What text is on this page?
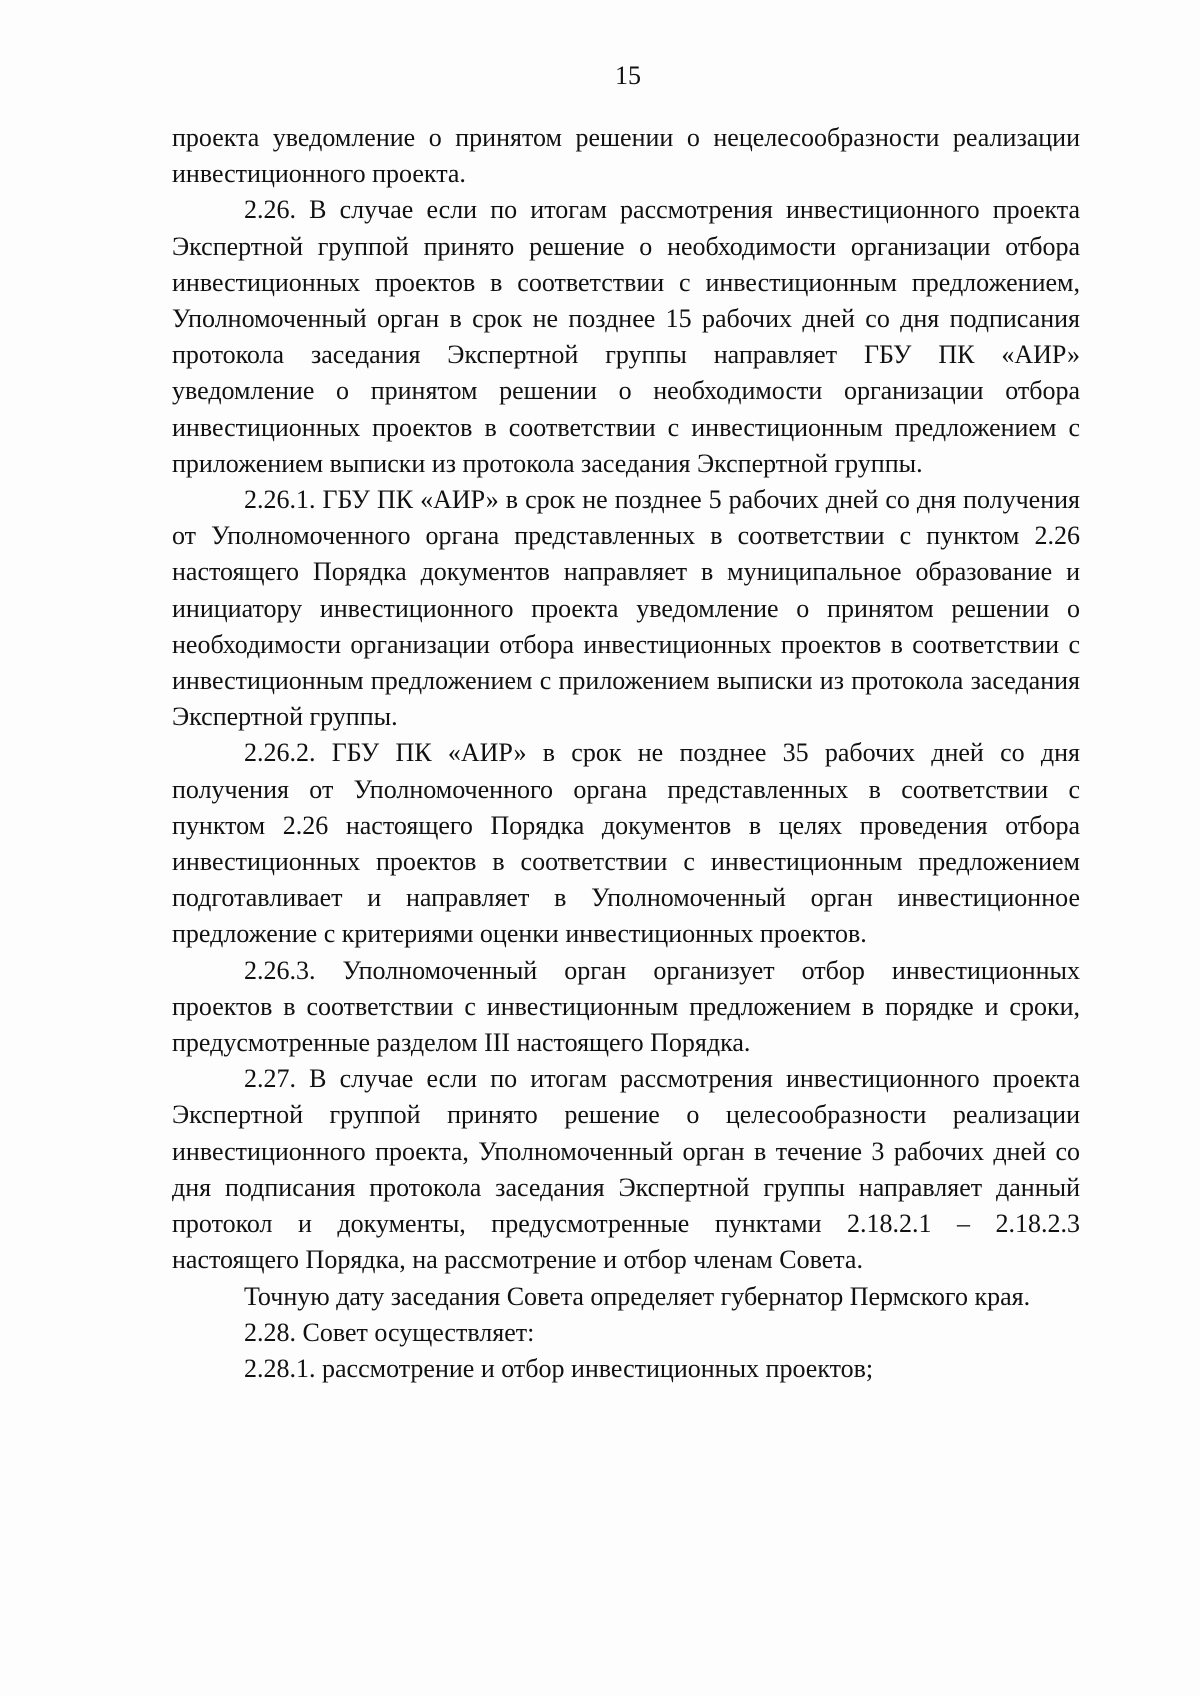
15

проекта уведомление о принятом решении о нецелесообразности реализации инвестиционного проекта.

2.26. В случае если по итогам рассмотрения инвестиционного проекта Экспертной группой принято решение о необходимости организации отбора инвестиционных проектов в соответствии с инвестиционным предложением, Уполномоченный орган в срок не позднее 15 рабочих дней со дня подписания протокола заседания Экспертной группы направляет ГБУ ПК «АИР» уведомление о принятом решении о необходимости организации отбора инвестиционных проектов в соответствии с инвестиционным предложением с приложением выписки из протокола заседания Экспертной группы.

2.26.1. ГБУ ПК «АИР» в срок не позднее 5 рабочих дней со дня получения от Уполномоченного органа представленных в соответствии с пунктом 2.26 настоящего Порядка документов направляет в муниципальное образование и инициатору инвестиционного проекта уведомление о принятом решении о необходимости организации отбора инвестиционных проектов в соответствии с инвестиционным предложением с приложением выписки из протокола заседания Экспертной группы.

2.26.2. ГБУ ПК «АИР» в срок не позднее 35 рабочих дней со дня получения от Уполномоченного органа представленных в соответствии с пунктом 2.26 настоящего Порядка документов в целях проведения отбора инвестиционных проектов в соответствии с инвестиционным предложением подготавливает и направляет в Уполномоченный орган инвестиционное предложение с критериями оценки инвестиционных проектов.

2.26.3. Уполномоченный орган организует отбор инвестиционных проектов в соответствии с инвестиционным предложением в порядке и сроки, предусмотренные разделом III настоящего Порядка.

2.27. В случае если по итогам рассмотрения инвестиционного проекта Экспертной группой принято решение о целесообразности реализации инвестиционного проекта, Уполномоченный орган в течение 3 рабочих дней со дня подписания протокола заседания Экспертной группы направляет данный протокол и документы, предусмотренные пунктами 2.18.2.1 – 2.18.2.3 настоящего Порядка, на рассмотрение и отбор членам Совета.

Точную дату заседания Совета определяет губернатор Пермского края.

2.28. Совет осуществляет:

2.28.1. рассмотрение и отбор инвестиционных проектов;
